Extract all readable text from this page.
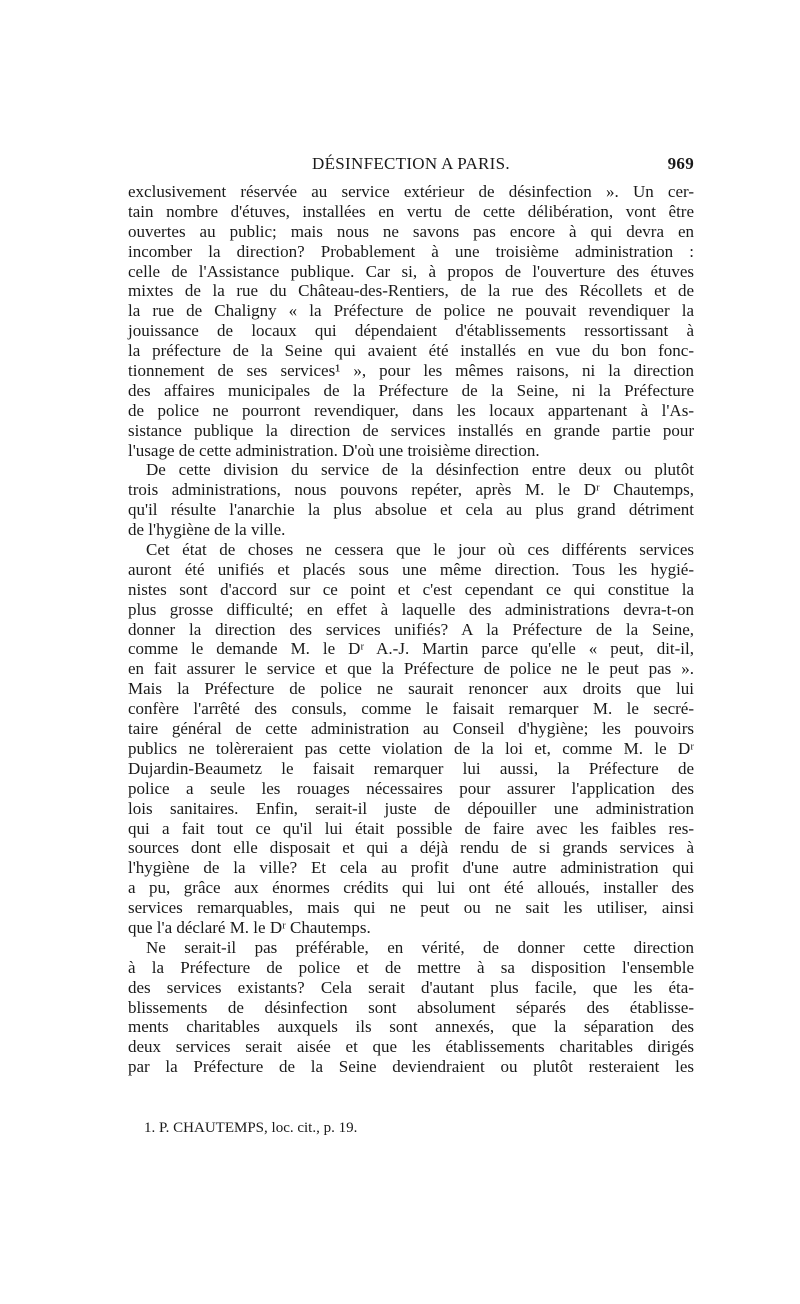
DÉSINFECTION A PARIS.	969
exclusivement réservée au service extérieur de désinfection ». Un cer-
tain nombre d'étuves, installées en vertu de cette délibération, vont être
ouvertes au public; mais nous ne savons pas encore à qui devra en
incomber la direction? Probablement à une troisième administration :
celle de l'Assistance publique. Car si, à propos de l'ouverture des étuves
mixtes de la rue du Château-des-Rentiers, de la rue des Récollets et de
la rue de Chaligny « la Préfecture de police ne pouvait revendiquer la
jouissance de locaux qui dépendaient d'établissements ressortissant à
la préfecture de la Seine qui avaient été installés en vue du bon fonc-
tionnement de ses services¹ », pour les mêmes raisons, ni la direction
des affaires municipales de la Préfecture de la Seine, ni la Préfecture
de police ne pourront revendiquer, dans les locaux appartenant à l'As-
sistance publique la direction de services installés en grande partie pour
l'usage de cette administration. D'où une troisième direction.
De cette division du service de la désinfection entre deux ou plutôt
trois administrations, nous pouvons repéter, après M. le Dʳ Chautemps,
qu'il résulte l'anarchie la plus absolue et cela au plus grand détriment
de l'hygiène de la ville.
Cet état de choses ne cessera que le jour où ces différents services
auront été unifiés et placés sous une même direction. Tous les hygié-
nistes sont d'accord sur ce point et c'est cependant ce qui constitue la
plus grosse difficulté; en effet à laquelle des administrations devra-t-on
donner la direction des services unifiés? A la Préfecture de la Seine,
comme le demande M. le Dʳ A.-J. Martin parce qu'elle « peut, dit-il,
en fait assurer le service et que la Préfecture de police ne le peut pas ».
Mais la Préfecture de police ne saurait renoncer aux droits que lui
confère l'arrêté des consuls, comme le faisait remarquer M. le secré-
taire général de cette administration au Conseil d'hygiène; les pouvoirs
publics ne tolèreraient pas cette violation de la loi et, comme M. le Dʳ
Dujardin-Beaumetz le faisait remarquer lui aussi, la Préfecture de
police a seule les rouages nécessaires pour assurer l'application des
lois sanitaires. Enfin, serait-il juste de dépouiller une administration
qui a fait tout ce qu'il lui était possible de faire avec les faibles res-
sources dont elle disposait et qui a déjà rendu de si grands services à
l'hygiène de la ville? Et cela au profit d'une autre administration qui
a pu, grâce aux énormes crédits qui lui ont été alloués, installer des
services remarquables, mais qui ne peut ou ne sait les utiliser, ainsi
que l'a déclaré M. le Dʳ Chautemps.
Ne serait-il pas préférable, en vérité, de donner cette direction
à la Préfecture de police et de mettre à sa disposition l'ensemble
des services existants? Cela serait d'autant plus facile, que les éta-
blissements de désinfection sont absolument séparés des établisse-
ments charitables auxquels ils sont annexés, que la séparation des
deux services serait aisée et que les établissements charitables dirigés
par la Préfecture de la Seine deviendraient ou plutôt resteraient les
1. P. CHAUTEMPS, loc. cit., p. 19.
